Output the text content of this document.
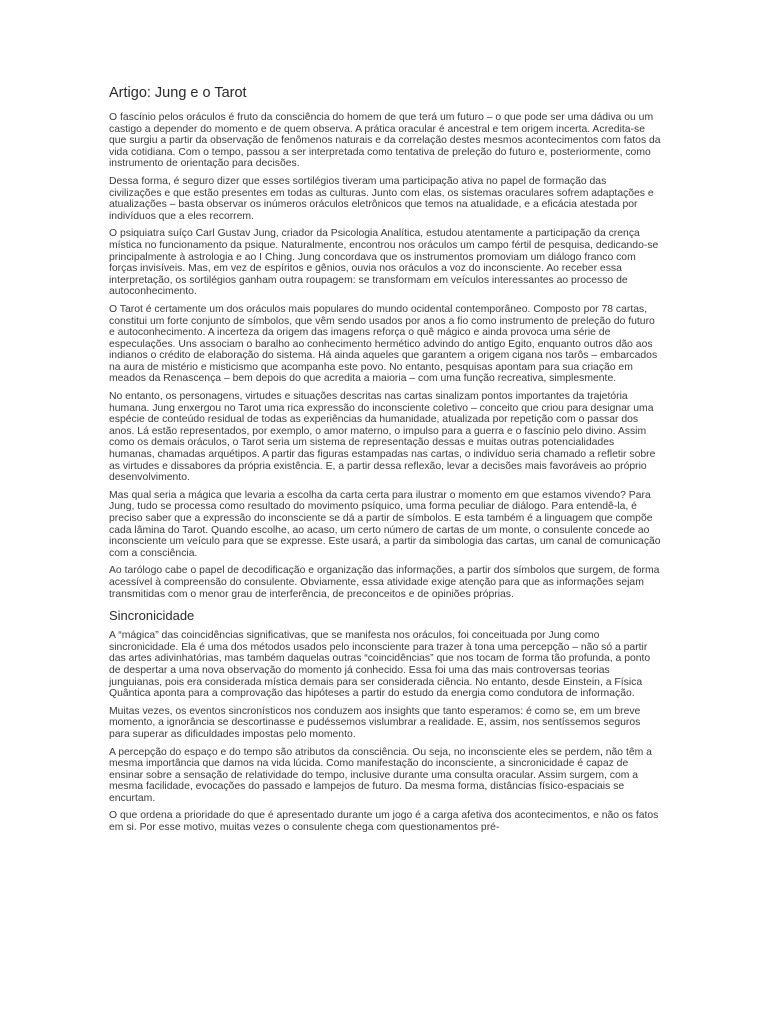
Artigo: Jung e o Tarot

O fascínio pelos oráculos é fruto da consciência do homem de que terá um futuro – o que pode ser uma dádiva ou um castigo a depender do momento e de quem observa. A prática oracular é ancestral e tem origem incerta. Acredita-se que surgiu a partir da observação de fenômenos naturais e da correlação destes mesmos acontecimentos com fatos da vida cotidiana. Com o tempo, passou a ser interpretada como tentativa de preleção do futuro e, posteriormente, como instrumento de orientação para decisões.

Dessa forma, é seguro dizer que esses sortilégios tiveram uma participação ativa no papel de formação das civilizações e que estão presentes em todas as culturas. Junto com elas, os sistemas oraculares sofrem adaptações e atualizações – basta observar os inúmeros oráculos eletrônicos que temos na atualidade, e a eficácia atestada por indivíduos que a eles recorrem.

O psiquiatra suíço Carl Gustav Jung, criador da Psicologia Analítica, estudou atentamente a participação da crença mística no funcionamento da psique. Naturalmente, encontrou nos oráculos um campo fértil de pesquisa, dedicando-se principalmente à astrologia e ao I Ching. Jung concordava que os instrumentos promoviam um diálogo franco com forças invisíveis. Mas, em vez de espíritos e gênios, ouvia nos oráculos a voz do inconsciente. Ao receber essa interpretação, os sortilégios ganham outra roupagem: se transformam em veículos interessantes ao processo de autoconhecimento.

O Tarot é certamente um dos oráculos mais populares do mundo ocidental contemporâneo. Composto por 78 cartas, constitui um forte conjunto de símbolos, que vêm sendo usados por anos a fio como instrumento de preleção do futuro e autoconhecimento. A incerteza da origem das imagens reforça o quê mágico e ainda provoca uma série de especulações. Uns associam o baralho ao conhecimento hermético advindo do antigo Egito, enquanto outros dão aos indianos o crédito de elaboração do sistema. Há ainda aqueles que garantem a origem cigana nos tarôs – embarcados na aura de mistério e misticismo que acompanha este povo. No entanto, pesquisas apontam para sua criação em meados da Renascença – bem depois do que acredita a maioria – com uma função recreativa, simplesmente.

No entanto, os personagens, virtudes e situações descritas nas cartas sinalizam pontos importantes da trajetória humana. Jung enxergou no Tarot uma rica expressão do inconsciente coletivo – conceito que criou para designar uma espécie de conteúdo residual de todas as experiências da humanidade, atualizada por repetição com o passar dos anos. Lá estão representados, por exemplo, o amor materno, o impulso para a guerra e o fascínio pelo divino. Assim como os demais oráculos, o Tarot seria um sistema de representação dessas e muitas outras potencialidades humanas, chamadas arquétipos. A partir das figuras estampadas nas cartas, o indivíduo seria chamado a refletir sobre as virtudes e dissabores da própria existência. E, a partir dessa reflexão, levar a decisões mais favoráveis ao próprio desenvolvimento.

Mas qual seria a mágica que levaria a escolha da carta certa para ilustrar o momento em que estamos vivendo? Para Jung, tudo se processa como resultado do movimento psíquico, uma forma peculiar de diálogo. Para entendê-la, é preciso saber que a expressão do inconsciente se dá a partir de símbolos. E esta também é a linguagem que compõe cada lâmina do Tarot. Quando escolhe, ao acaso, um certo número de cartas de um monte, o consulente concede ao inconsciente um veículo para que se expresse. Este usará, a partir da simbologia das cartas, um canal de comunicação com a consciência.

Ao tarólogo cabe o papel de decodificação e organização das informações, a partir dos símbolos que surgem, de forma acessível à compreensão do consulente. Obviamente, essa atividade exige atenção para que as informações sejam transmitidas com o menor grau de interferência, de preconceitos e de opiniões próprias.

Sincronicidade

A “mágica” das coincidências significativas, que se manifesta nos oráculos, foi conceituada por Jung como sincronicidade. Ela é uma dos métodos usados pelo inconsciente para trazer à tona uma percepção – não só a partir das artes adivinhatórias, mas também daquelas outras “coincidências” que nos tocam de forma tão profunda, a ponto de despertar a uma nova observação do momento já conhecido. Essa foi uma das mais controversas teorias junguianas, pois era considerada mística demais para ser considerada ciência. No entanto, desde Einstein, a Física Quântica aponta para a comprovação das hipóteses a partir do estudo da energia como condutora de informação.

Muitas vezes, os eventos sincronísticos nos conduzem aos insights que tanto esperamos: é como se, em um breve momento, a ignorância se descortinasse e pudéssemos vislumbrar a realidade. E, assim, nos sentíssemos seguros para superar as dificuldades impostas pelo momento.

A percepção do espaço e do tempo são atributos da consciência. Ou seja, no inconsciente eles se perdem, não têm a mesma importância que damos na vida lúcida. Como manifestação do inconsciente, a sincronicidade é capaz de ensinar sobre a sensação de relatividade do tempo, inclusive durante uma consulta oracular. Assim surgem, com a mesma facilidade, evocações do passado e lampejos de futuro. Da mesma forma, distâncias físico-espaciais se encurtam.

O que ordena a prioridade do que é apresentado durante um jogo é a carga afetiva dos acontecimentos, e não os fatos em si. Por esse motivo, muitas vezes o consulente chega com questionamentos pré-
